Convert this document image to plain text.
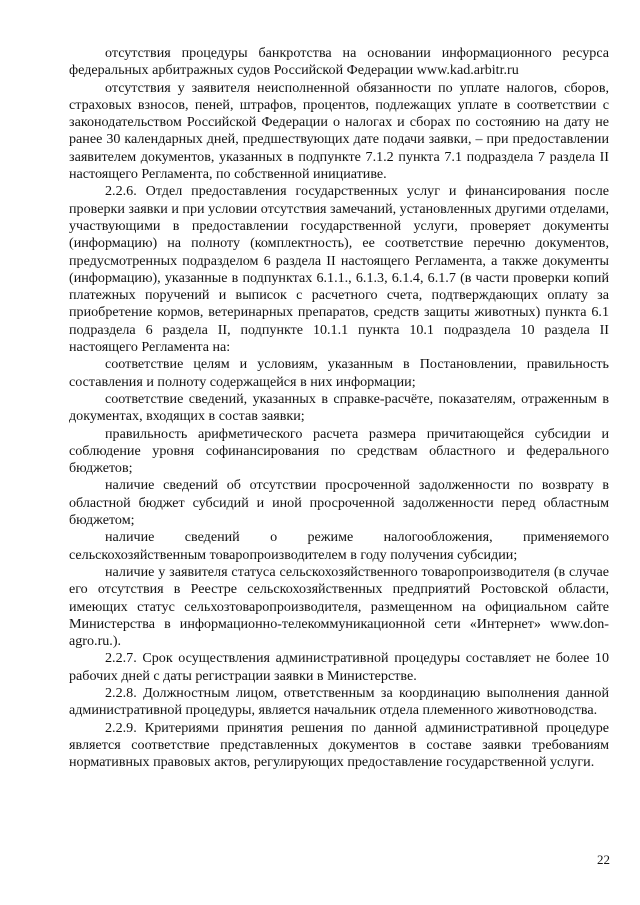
отсутствия процедуры банкротства на основании информационного ресурса федеральных арбитражных судов Российской Федерации www.kad.arbitr.ru

отсутствия у заявителя неисполненной обязанности по уплате налогов, сборов, страховых взносов, пеней, штрафов, процентов, подлежащих уплате в соответствии с законодательством Российской Федерации о налогах и сборах по состоянию на дату не ранее 30 календарных дней, предшествующих дате подачи заявки, – при предоставлении заявителем документов, указанных в подпункте 7.1.2 пункта 7.1 подраздела 7 раздела II настоящего Регламента, по собственной инициативе.

2.2.6. Отдел предоставления государственных услуг и финансирования после проверки заявки и при условии отсутствия замечаний, установленных другими отделами, участвующими в предоставлении государственной услуги, проверяет документы (информацию) на полноту (комплектность), ее соответствие перечню документов, предусмотренных подразделом 6 раздела II настоящего Регламента, а также документы (информацию), указанные в подпунктах 6.1.1., 6.1.3, 6.1.4, 6.1.7 (в части проверки копий платежных поручений и выписок с расчетного счета, подтверждающих оплату за приобретение кормов, ветеринарных препаратов, средств защиты животных) пункта 6.1 подраздела 6 раздела II, подпункте 10.1.1 пункта 10.1 подраздела 10 раздела II настоящего Регламента на:

соответствие целям и условиям, указанным в Постановлении, правильность составления и полноту содержащейся в них информации;

соответствие сведений, указанных в справке-расчёте, показателям, отраженным в документах, входящих в состав заявки;

правильность арифметического расчета размера причитающейся субсидии и соблюдение уровня софинансирования по средствам областного и федерального бюджетов;

наличие сведений об отсутствии просроченной задолженности по возврату в областной бюджет субсидий и иной просроченной задолженности перед областным бюджетом;

наличие сведений о режиме налогообложения, применяемого сельскохозяйственным товаропроизводителем в году получения субсидии;

наличие у заявителя статуса сельскохозяйственного товаропроизводителя (в случае его отсутствия в Реестре сельскохозяйственных предприятий Ростовской области, имеющих статус сельхозтоваропроизводителя, размещенном на официальном сайте Министерства в информационно-телекоммуникационной сети «Интернет» www.don-agro.ru.).

2.2.7. Срок осуществления административной процедуры составляет не более 10 рабочих дней с даты регистрации заявки в Министерстве.

2.2.8. Должностным лицом, ответственным за координацию выполнения данной административной процедуры, является начальник отдела племенного животноводства.

2.2.9. Критериями принятия решения по данной административной процедуре является соответствие представленных документов в составе заявки требованиям нормативных правовых актов, регулирующих предоставление государственной услуги.

22
